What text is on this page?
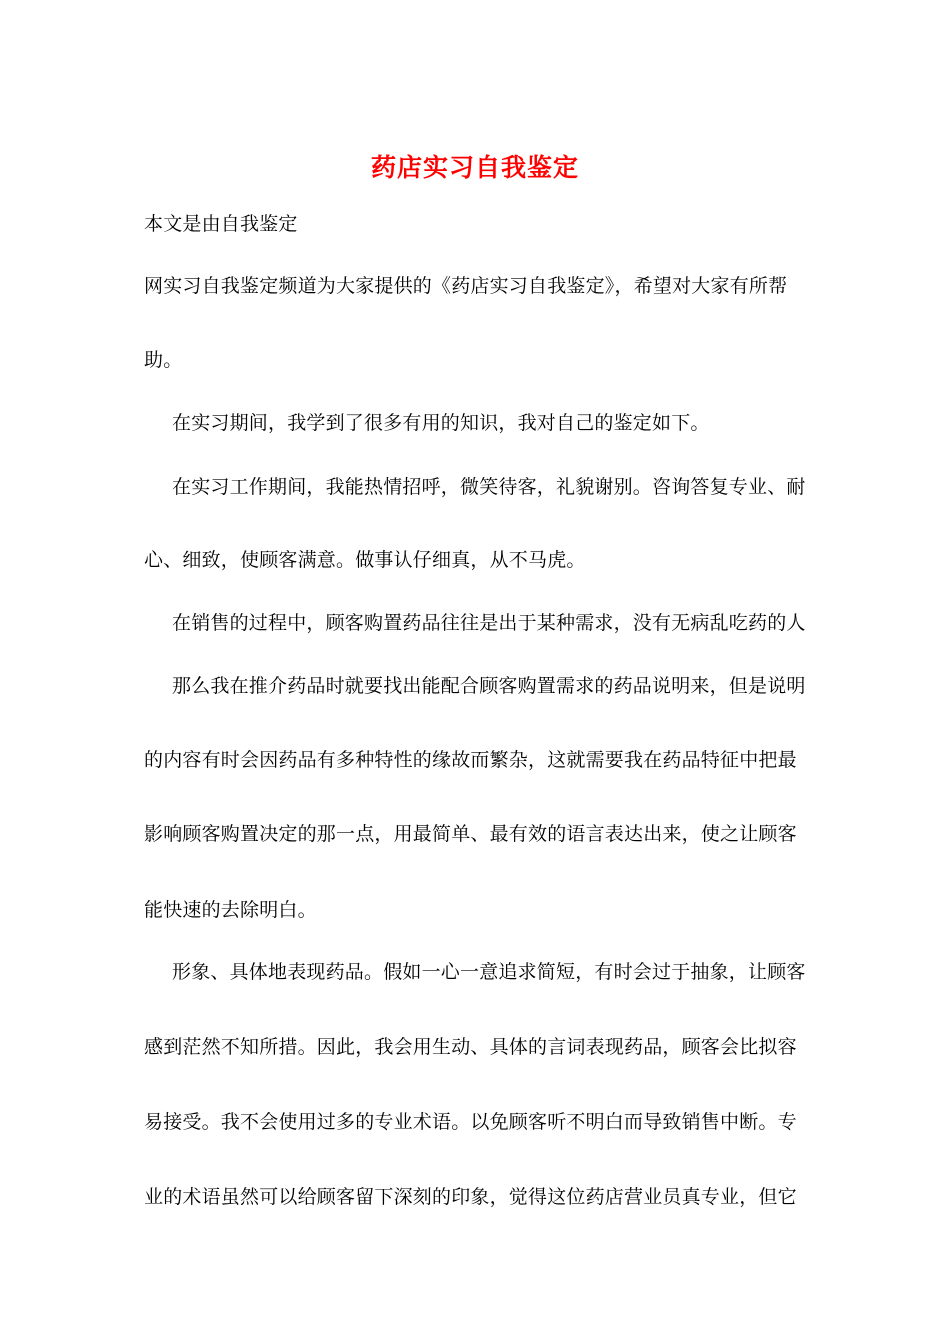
药店实习自我鉴定
本文是由自我鉴定
网实习自我鉴定频道为大家提供的《药店实习自我鉴定》，希望对大家有所帮
助。
在实习期间，我学到了很多有用的知识，我对自己的鉴定如下。
在实习工作期间，我能热情招呼，微笑待客，礼貌谢别。咨询答复专业、耐
心、细致，使顾客满意。做事认仔细真，从不马虎。
在销售的过程中，顾客购置药品往往是出于某种需求，没有无病乱吃药的人
那么我在推介药品时就要找出能配合顾客购置需求的药品说明来，但是说明
的内容有时会因药品有多种特性的缘故而繁杂，这就需要我在药品特征中把最
影响顾客购置决定的那一点，用最简单、最有效的语言表达出来，使之让顾客
能快速的去除明白。
形象、具体地表现药品。假如一心一意追求简短，有时会过于抽象，让顾客
感到茫然不知所措。因此，我会用生动、具体的言词表现药品，顾客会比拟容
易接受。我不会使用过多的专业术语。以免顾客听不明白而导致销售中断。专
业的术语虽然可以给顾客留下深刻的印象，觉得这位药店营业员真专业，但它
